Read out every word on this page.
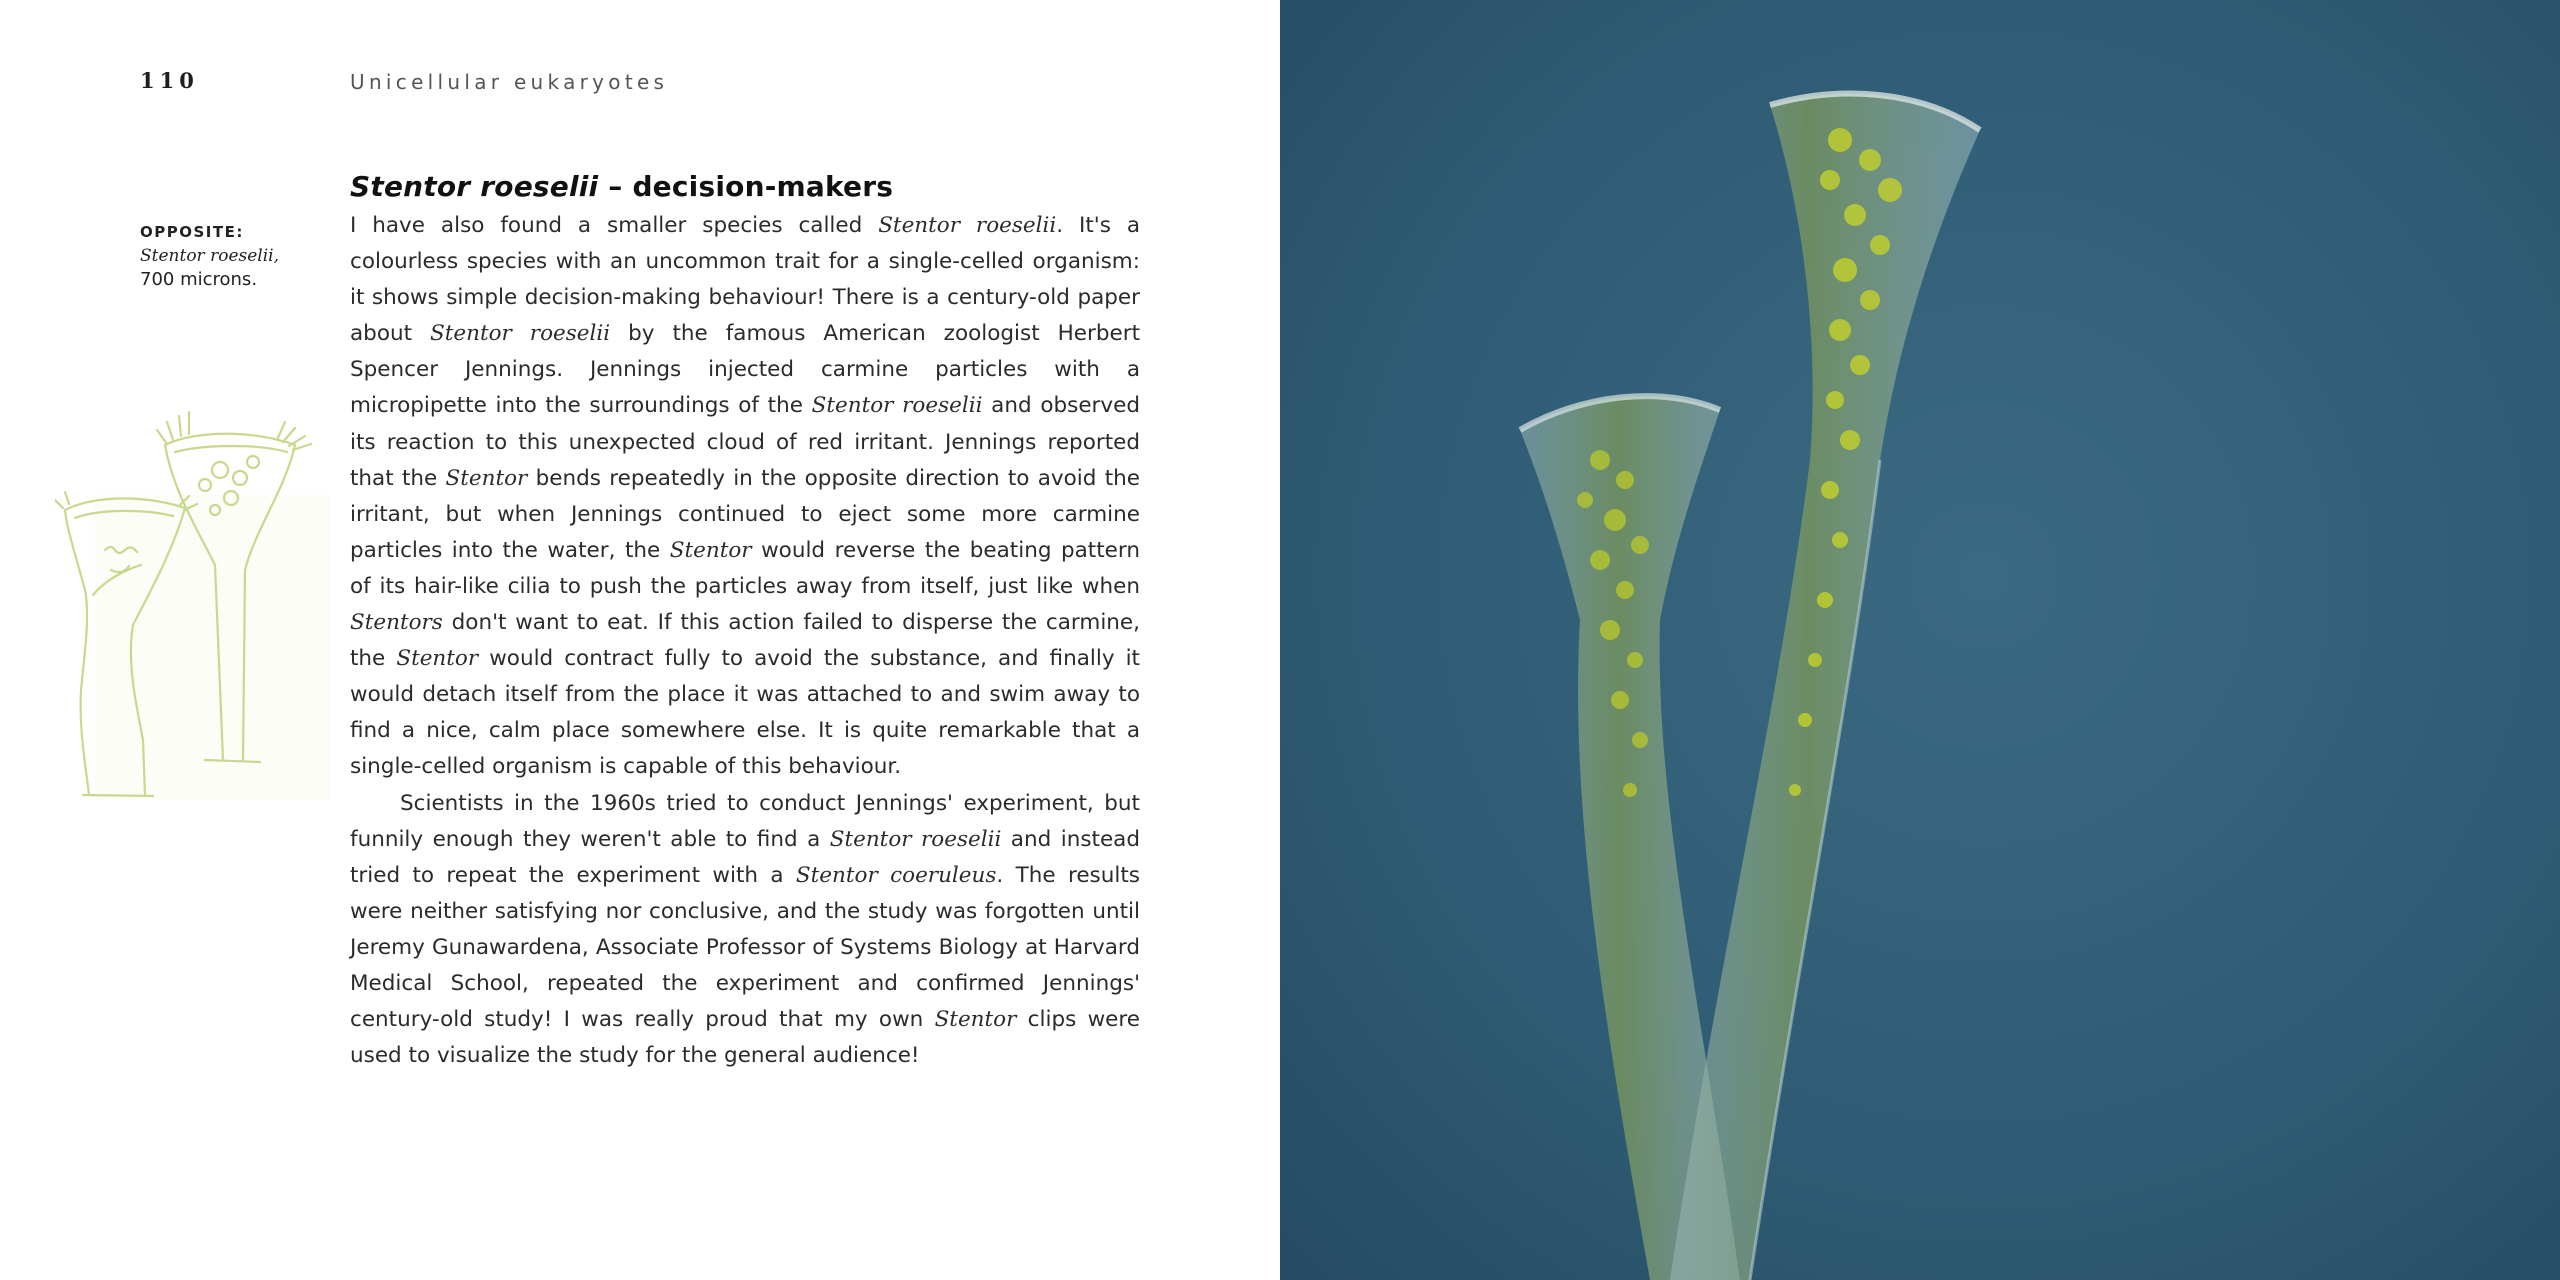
110	Unicellular eukaryotes
OPPOSITE:
Stentor roeselii,
700 microns.
Stentor roeselii – decision-makers

I have also found a smaller species called Stentor roeselii. It's a colourless species with an uncommon trait for a single-celled organism: it shows simple decision-making behaviour! There is a century-old paper about Stentor roeselii by the famous American zoologist Herbert Spencer Jennings. Jennings injected carmine particles with a micropipette into the surroundings of the Stentor roeselii and observed its reaction to this unexpected cloud of red irritant. Jennings reported that the Stentor bends repeatedly in the opposite direction to avoid the irritant, but when Jennings continued to eject some more carmine particles into the water, the Stentor would reverse the beating pattern of its hair-like cilia to push the particles away from itself, just like when Stentors don't want to eat. If this action failed to disperse the carmine, the Stentor would contract fully to avoid the substance, and finally it would detach itself from the place it was attached to and swim away to find a nice, calm place somewhere else. It is quite remarkable that a single-celled organism is capable of this behaviour.

Scientists in the 1960s tried to conduct Jennings' experiment, but funnily enough they weren't able to find a Stentor roeselii and instead tried to repeat the experiment with a Stentor coeruleus. The results were neither satisfying nor conclusive, and the study was forgotten until Jeremy Gunawardena, Associate Professor of Systems Biology at Harvard Medical School, repeated the experiment and confirmed Jennings' century-old study! I was really proud that my own Stentor clips were used to visualize the study for the general audience!
